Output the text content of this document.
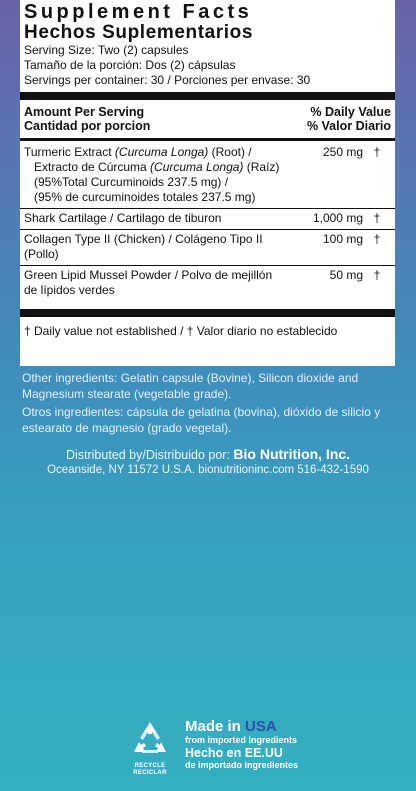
Supplement Facts
Hechos Suplementarios
Serving Size: Two (2) capsules
Tamaño de la porción: Dos (2) cápsulas
Servings per container: 30 / Porciones per envase: 30
Amount Per Serving
Cantidad por porcion
% Daily Value
% Valor Diario
Turmeric Extract (Curcuma Longa) (Root) /
Extracto de Cúrcuma (Curcuma Longa) (Raíz)
(95%Total Curcuminoids 237.5 mg) /
(95% de curcuminoides totales 237.5 mg)
250 mg †
Shark Cartilage / Cartilago de tiburon	1,000 mg †
Collagen Type II (Chicken) / Colágeno Tipo II (Pollo)
100 mg †
Green Lipid Mussel Powder / Polvo de mejillón
de lípidos verdes
50 mg †
† Daily value not established / † Valor diario no establecido

Other ingredients: Gelatin capsule (Bovine), Silicon dioxide and Magnesium stearate (vegetable grade).

Otros ingredientes: cápsula de gelatina (bovina), dióxido de silicio y estearato de magnesio (grado vegetal).

Distributed by/Distribuido por: Bio Nutrition, Inc.
Oceanside, NY 11572 U.S.A. bionutritioninc.com 516-432-1590
RECYCLE
RECICLAR
Made in USA
from imported ingredients
Hecho en EE.UU
de importado ingredientes
